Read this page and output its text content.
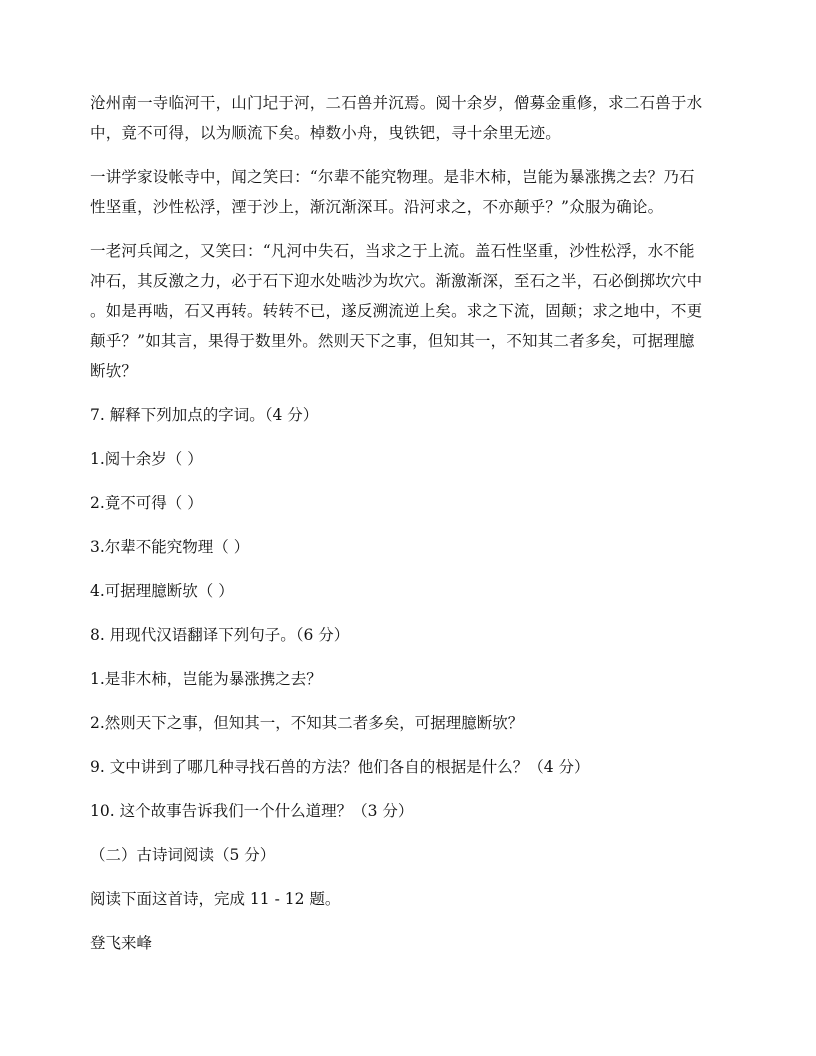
沧州南一寺临河干，山门圮于河，二石兽并沉焉。阅十余岁，僧募金重修，求二石兽于水
中，竟不可得，以为顺流下矣。棹数小舟，曳铁钯，寻十余里无迹。

一讲学家设帐寺中，闻之笑曰：“尔辈不能究物理。是非木柿，岂能为暴涨携之去？乃石
性坚重，沙性松浮，湮于沙上，渐沉渐深耳。沿河求之，不亦颠乎？”众服为确论。

一老河兵闻之，又笑曰：“凡河中失石，当求之于上流。盖石性坚重，沙性松浮，水不能
冲石，其反激之力，必于石下迎水处啮沙为坎穴。渐激渐深，至石之半，石必倒掷坎穴中
。如是再啮，石又再转。转转不已，遂反溯流逆上矣。求之下流，固颠；求之地中，不更
颠乎？”如其言，果得于数里外。然则天下之事，但知其一，不知其二者多矣，可据理臆
断欤？

7. 解释下列加点的字词。（4 分）

1.阅十余岁（ ）

2.竟不可得（ ）

3.尔辈不能究物理（ ）

4.可据理臆断欤（ ）

8. 用现代汉语翻译下列句子。（6 分）

1.是非木柿，岂能为暴涨携之去？

2.然则天下之事，但知其一，不知其二者多矣，可据理臆断欤？

9. 文中讲到了哪几种寻找石兽的方法？他们各自的根据是什么？（4 分）

10. 这个故事告诉我们一个什么道理？（3 分）

（二）古诗词阅读（5 分）

阅读下面这首诗，完成 11 - 12 题。

登飞来峰
